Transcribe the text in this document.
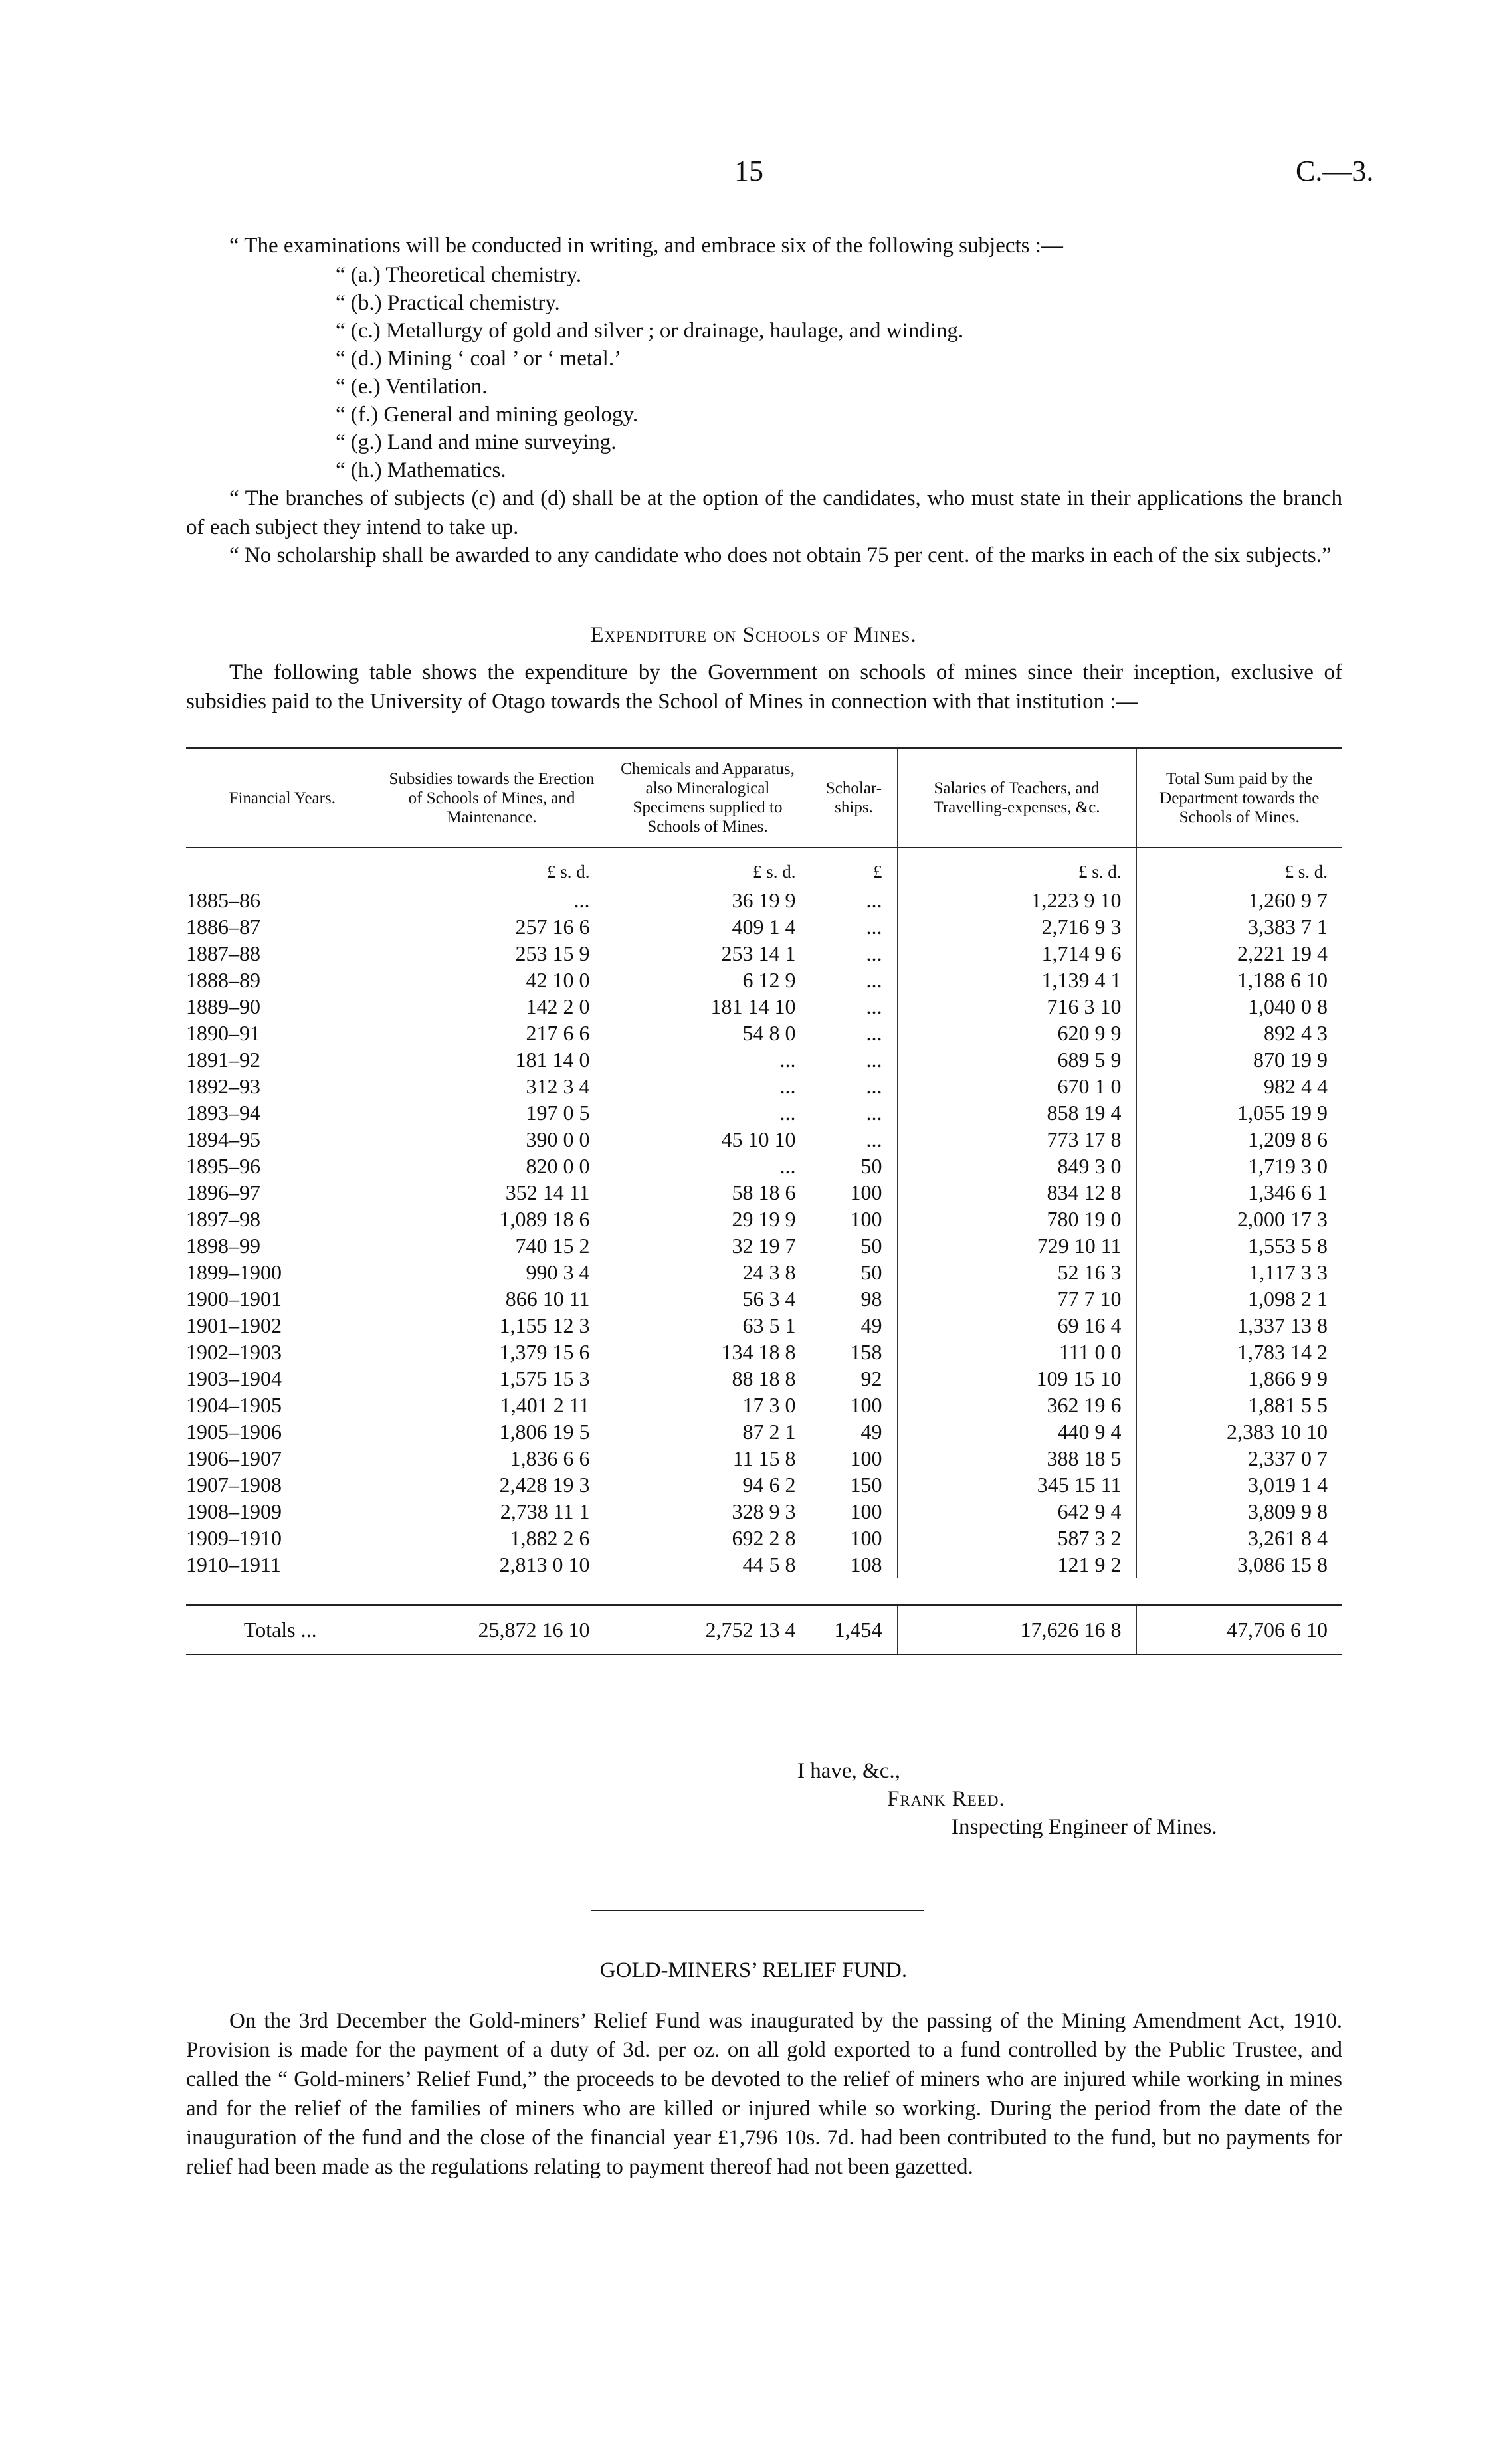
15	C.—3.
“ The examinations will be conducted in writing, and embrace six of the following subjects :—
“ (a.) Theoretical chemistry.
“ (b.) Practical chemistry.
“ (c.) Metallurgy of gold and silver ; or drainage, haulage, and winding.
“ (d.) Mining ‘ coal ’ or ‘ metal.’
“ (e.) Ventilation.
“ (f.) General and mining geology.
“ (g.) Land and mine surveying.
“ (h.) Mathematics.
“ The branches of subjects (c) and (d) shall be at the option of the candidates, who must state in their applications the branch of each subject they intend to take up.
“ No scholarship shall be awarded to any candidate who does not obtain 75 per cent. of the marks in each of the six subjects.”
Expenditure on Schools of Mines.
The following table shows the expenditure by the Government on schools of mines since their inception, exclusive of subsidies paid to the University of Otago towards the School of Mines in connection with that institution :—
Financial Years.	Subsidies towards the Erection of Schools of Mines, and Maintenance.	Chemicals and Apparatus, also Mineralogical Specimens supplied to Schools of Mines.	Scholar-ships.	Salaries of Teachers, and Travelling-expenses, &c.	Total Sum paid by the Department towards the Schools of Mines.
	£ s. d.	£ s. d.	£	£ s. d.	£ s. d.
1885–86	...	36 19 9	...	1,223 9 10	1,260 9 7
1886–87	257 16 6	409 1 4	...	2,716 9 3	3,383 7 1
1887–88	253 15 9	253 14 1	...	1,714 9 6	2,221 19 4
1888–89	42 10 0	6 12 9	...	1,139 4 1	1,188 6 10
1889–90	142 2 0	181 14 10	...	716 3 10	1,040 0 8
1890–91	217 6 6	54 8 0	...	620 9 9	892 4 3
1891–92	181 14 0	...	...	689 5 9	870 19 9
1892–93	312 3 4	...	...	670 1 0	982 4 4
1893–94	197 0 5	...	...	858 19 4	1,055 19 9
1894–95	390 0 0	45 10 10	...	773 17 8	1,209 8 6
1895–96	820 0 0	...	50	849 3 0	1,719 3 0
1896–97	352 14 11	58 18 6	100	834 12 8	1,346 6 1
1897–98	1,089 18 6	29 19 9	100	780 19 0	2,000 17 3
1898–99	740 15 2	32 19 7	50	729 10 11	1,553 5 8
1899–1900	990 3 4	24 3 8	50	52 16 3	1,117 3 3
1900–1901	866 10 11	56 3 4	98	77 7 10	1,098 2 1
1901–1902	1,155 12 3	63 5 1	49	69 16 4	1,337 13 8
1902–1903	1,379 15 6	134 18 8	158	111 0 0	1,783 14 2
1903–1904	1,575 15 3	88 18 8	92	109 15 10	1,866 9 9
1904–1905	1,401 2 11	17 3 0	100	362 19 6	1,881 5 5
1905–1906	1,806 19 5	87 2 1	49	440 9 4	2,383 10 10
1906–1907	1,836 6 6	11 15 8	100	388 18 5	2,337 0 7
1907–1908	2,428 19 3	94 6 2	150	345 15 11	3,019 1 4
1908–1909	2,738 11 1	328 9 3	100	642 9 4	3,809 9 8
1909–1910	1,882 2 6	692 2 8	100	587 3 2	3,261 8 4
1910–1911	2,813 0 10	44 5 8	108	121 9 2	3,086 15 8

Totals ...	25,872 16 10	2,752 13 4	1,454	17,626 16 8	47,706 6 10
I have, &c.,
Frank Reed.
Inspecting Engineer of Mines.
GOLD-MINERS’ RELIEF FUND.
On the 3rd December the Gold-miners’ Relief Fund was inaugurated by the passing of the Mining Amendment Act, 1910. Provision is made for the payment of a duty of 3d. per oz. on all gold exported to a fund controlled by the Public Trustee, and called the “ Gold-miners’ Relief Fund,” the proceeds to be devoted to the relief of miners who are injured while working in mines and for the relief of the families of miners who are killed or injured while so working. During the period from the date of the inauguration of the fund and the close of the financial year £1,796 10s. 7d. had been contributed to the fund, but no payments for relief had been made as the regulations relating to payment thereof had not been gazetted.
